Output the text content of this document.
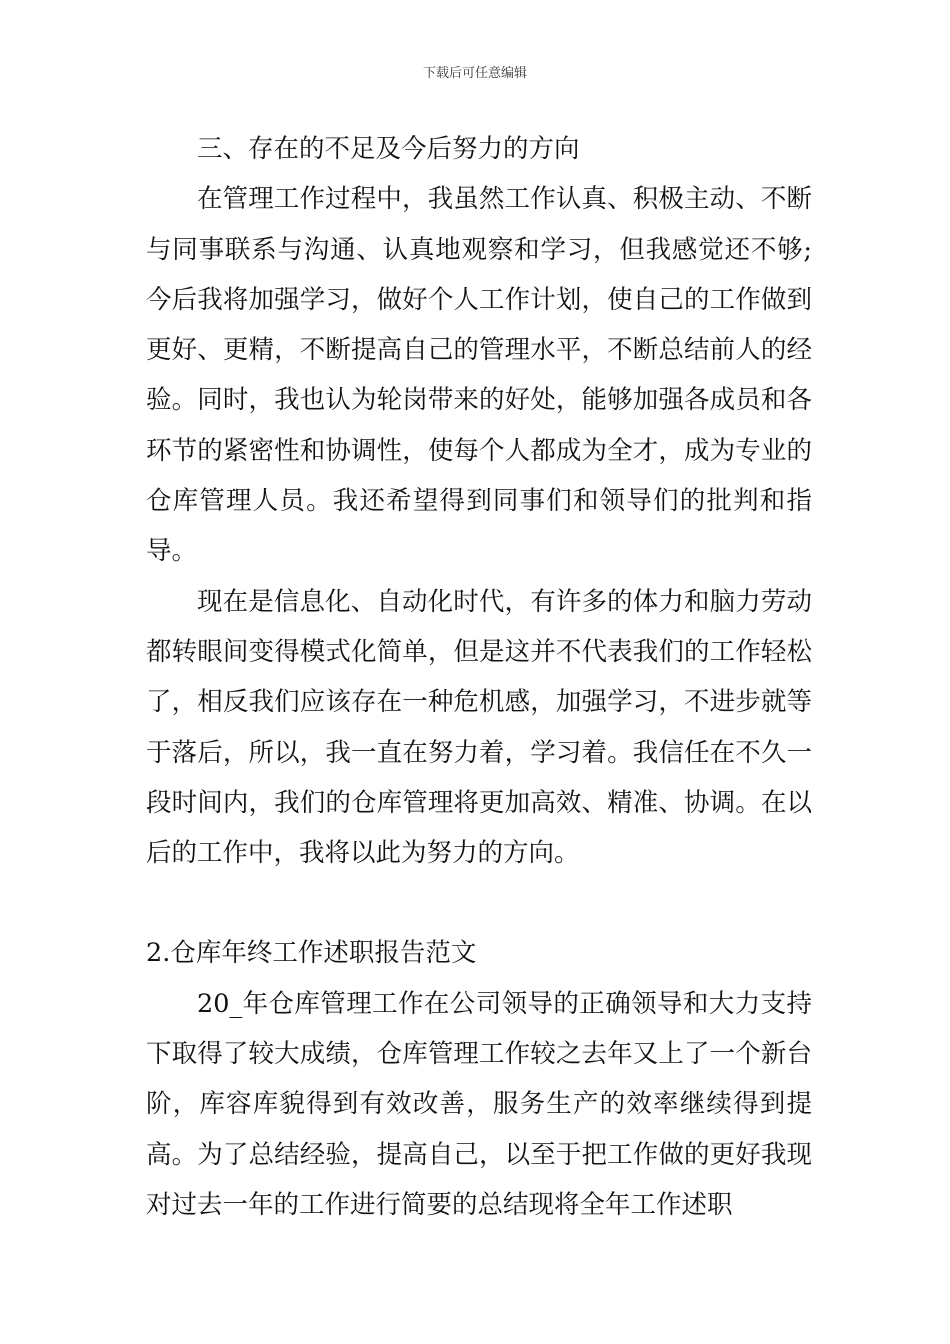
下载后可任意编辑

三、存在的不足及今后努力的方向

在管理工作过程中，我虽然工作认真、积极主动、不断与同事联系与沟通、认真地观察和学习，但我感觉还不够;今后我将加强学习，做好个人工作计划，使自己的工作做到更好、更精，不断提高自己的管理水平，不断总结前人的经验。同时，我也认为轮岗带来的好处，能够加强各成员和各环节的紧密性和协调性，使每个人都成为全才，成为专业的仓库管理人员。我还希望得到同事们和领导们的批判和指导。

现在是信息化、自动化时代，有许多的体力和脑力劳动都转眼间变得模式化简单，但是这并不代表我们的工作轻松了，相反我们应该存在一种危机感，加强学习，不进步就等于落后，所以，我一直在努力着，学习着。我信任在不久一段时间内，我们的仓库管理将更加高效、精准、协调。在以后的工作中，我将以此为努力的方向。

2.仓库年终工作述职报告范文

20_年仓库管理工作在公司领导的正确领导和大力支持下取得了较大成绩，仓库管理工作较之去年又上了一个新台阶，库容库貌得到有效改善，服务生产的效率继续得到提高。为了总结经验，提高自己，以至于把工作做的更好我现对过去一年的工作进行简要的总结现将全年工作述职
